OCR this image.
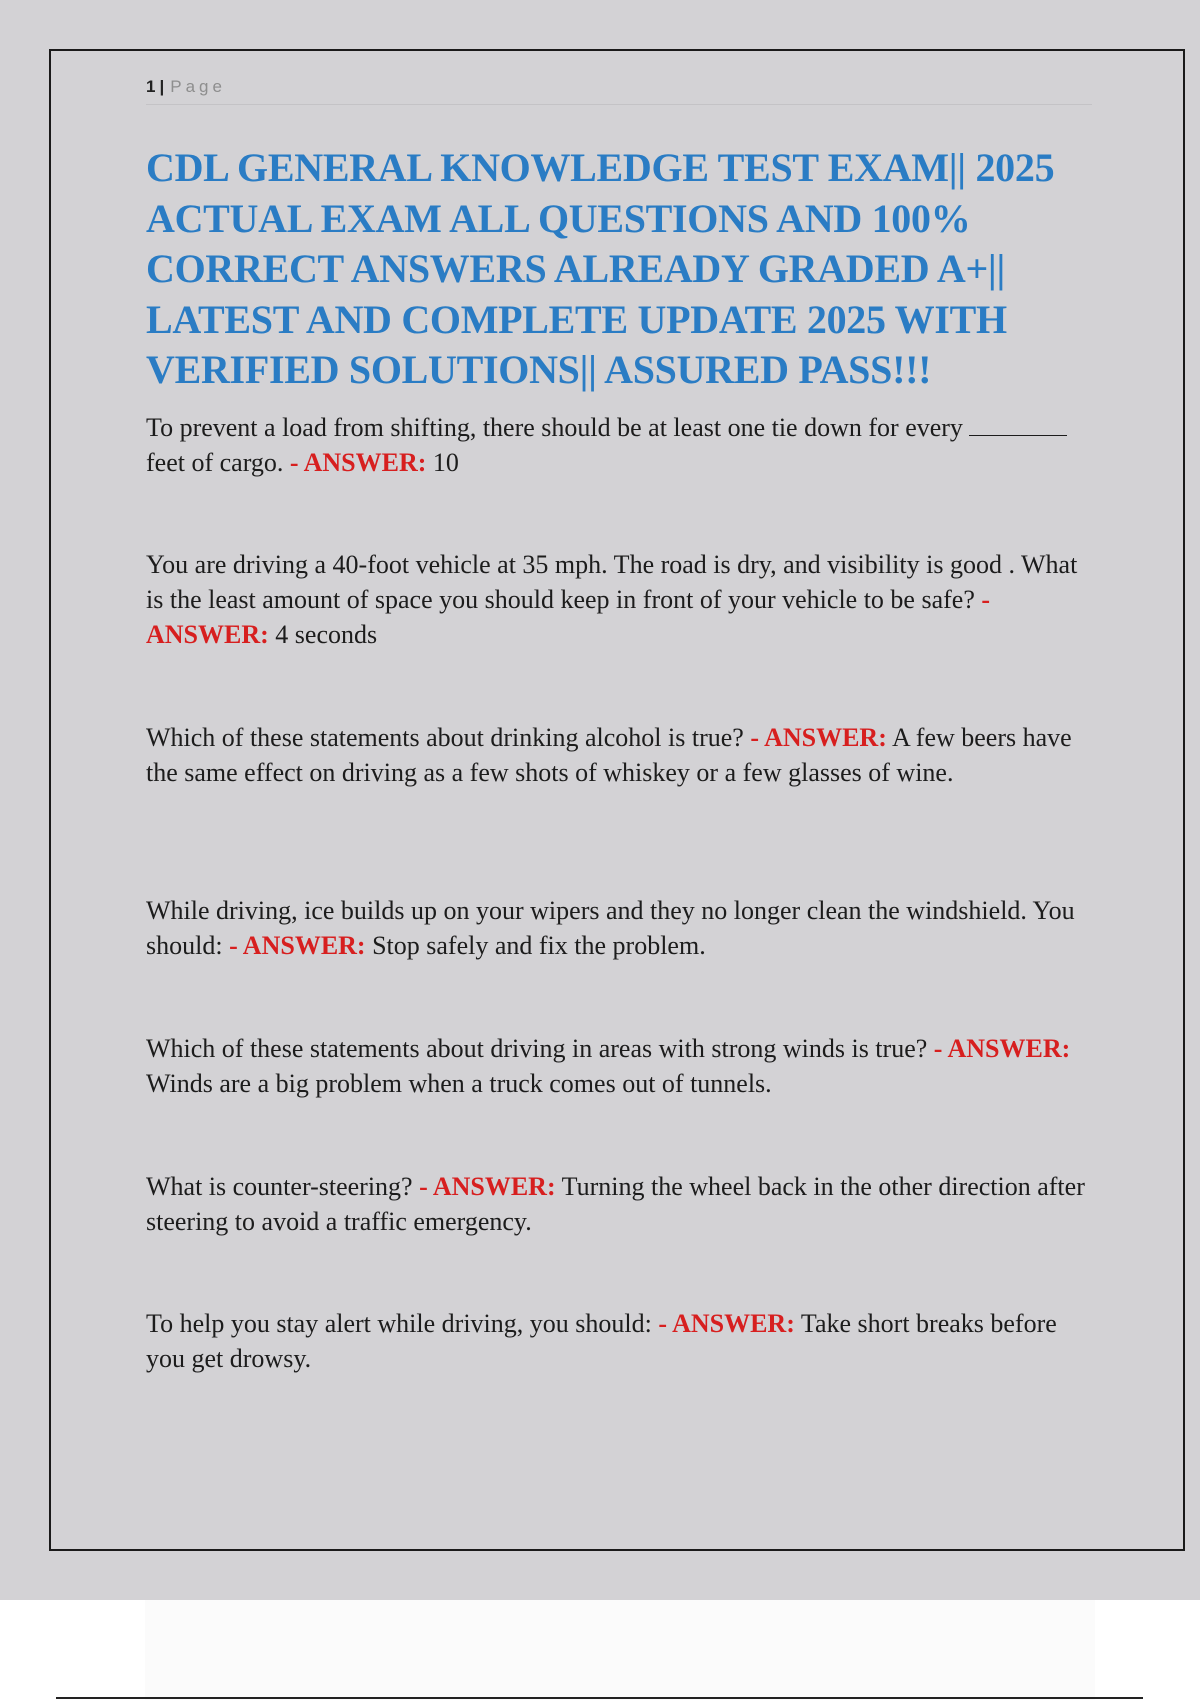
1 | Page
CDL GENERAL KNOWLEDGE TEST EXAM|| 2025 ACTUAL EXAM ALL QUESTIONS AND 100% CORRECT ANSWERS ALREADY GRADED A+|| LATEST AND COMPLETE UPDATE 2025 WITH VERIFIED SOLUTIONS|| ASSURED PASS!!!

To prevent a load from shifting, there should be at least one tie down for every  feet of cargo. - ANSWER: 10

You are driving a 40-foot vehicle at 35 mph. The road is dry, and visibility is good . What is the least amount of space you should keep in front of your vehicle to be safe? - ANSWER: 4 seconds

Which of these statements about drinking alcohol is true? - ANSWER: A few beers have the same effect on driving as a few shots of whiskey or a few glasses of wine.

While driving, ice builds up on your wipers and they no longer clean the windshield. You should: - ANSWER: Stop safely and fix the problem.

Which of these statements about driving in areas with strong winds is true? - ANSWER: Winds are a big problem when a truck comes out of tunnels.

What is counter-steering? - ANSWER: Turning the wheel back in the other direction after steering to avoid a traffic emergency.

To help you stay alert while driving, you should: - ANSWER: Take short breaks before you get drowsy.
